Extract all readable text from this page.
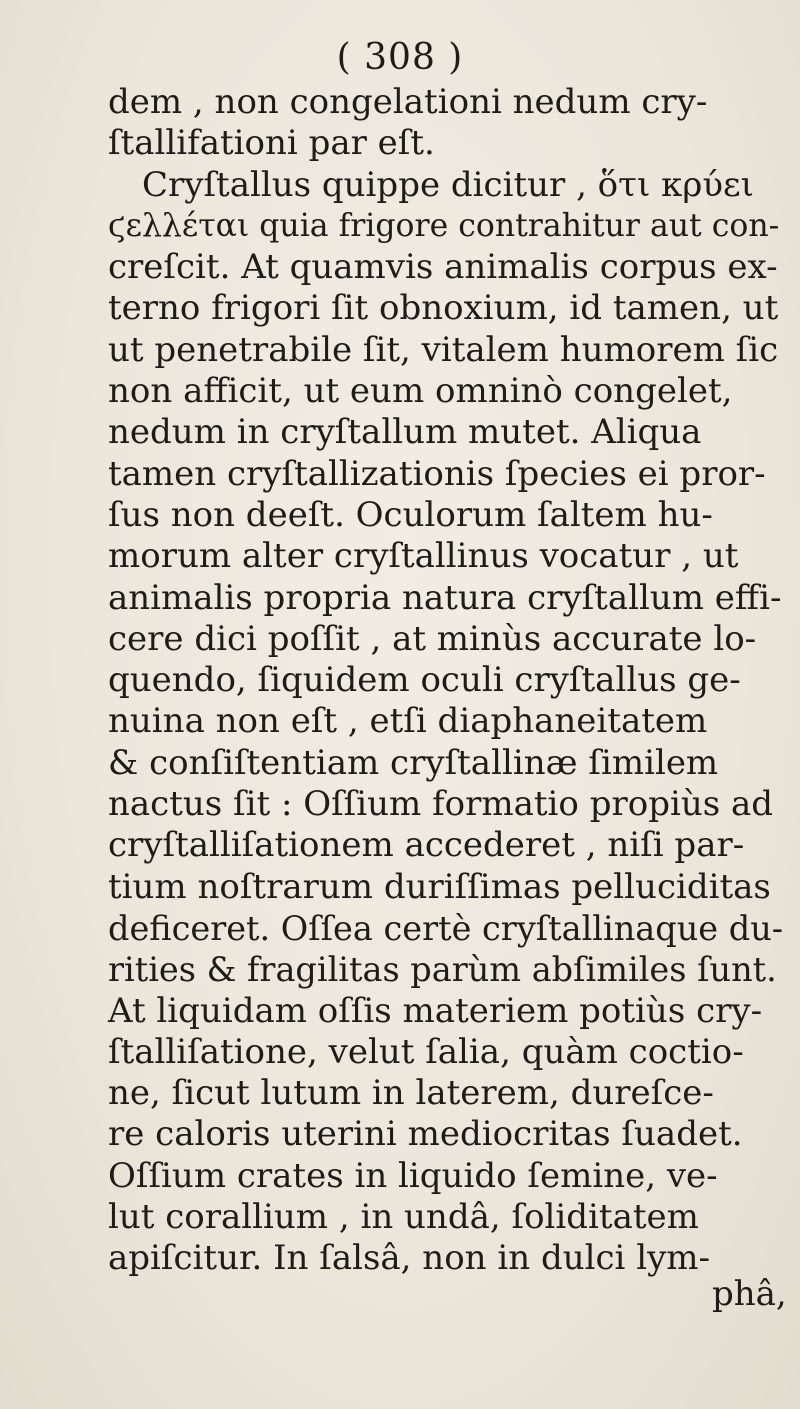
( 308 )
dem , non congelationi nedum cry-
ſtallifationi par eſt.
Cryſtallus quippe dicitur , ὅτι κρύει
ϛελλέται quia frigore contrahitur aut con-
creſcit. At quamvis animalis corpus ex-
terno frigori ſit obnoxium, id tamen, ut
ut penetrabile ſit, vitalem humorem ſic
non afficit, ut eum omninò congelet,
nedum in cryſtallum mutet. Aliqua
tamen cryſtallizationis ſpecies ei pror-
ſus non deeſt. Oculorum ſaltem hu-
morum alter cryſtallinus vocatur , ut
animalis propria natura cryſtallum effi-
cere dici poſſit , at minùs accurate lo-
quendo, ſiquidem oculi cryſtallus ge-
nuina non eſt , etſi diaphaneitatem
& conſiſtentiam cryſtallinæ ſimilem
nactus ſit : Oſſium formatio propiùs ad
cryſtalliſationem accederet , niſi par-
tium noſtrarum duriſſimas pelluciditas
deficeret. Oſſea certè cryſtallinaque du-
rities & fragilitas parùm abſimiles ſunt.
At liquidam oſſis materiem potiùs cry-
ſtalliſatione, velut ſalia, quàm coctio-
ne, ſicut lutum in laterem, dureſce-
re caloris uterini mediocritas ſuadet.
Oſſium crates in liquido ſemine, ve-
lut corallium , in undâ, ſoliditatem
apiſcitur. In ſalsâ, non in dulci lym-
phâ,
